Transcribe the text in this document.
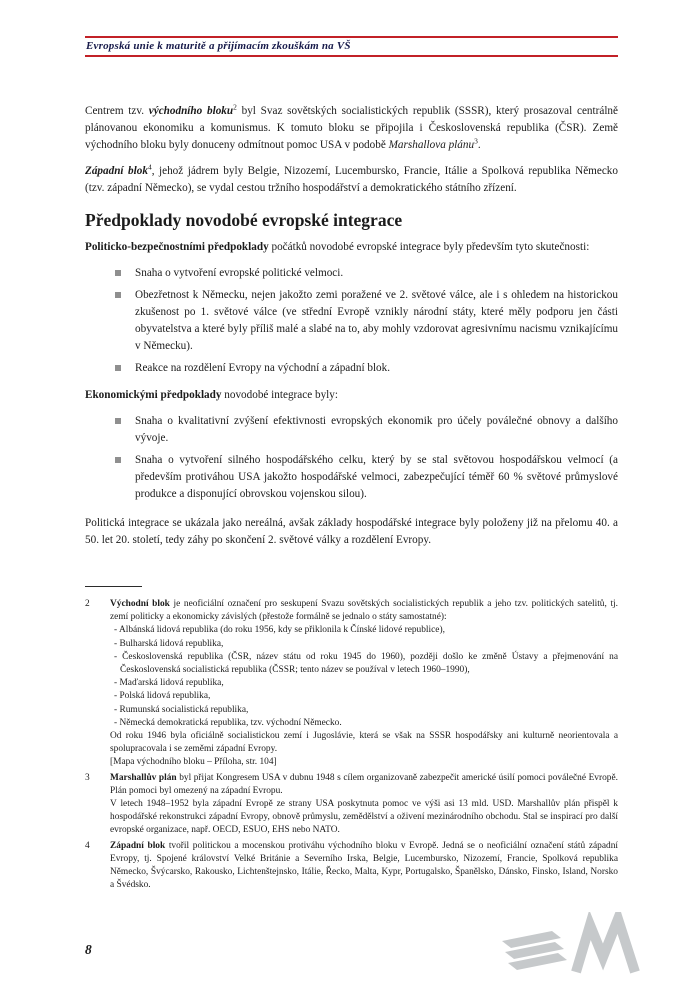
Evropská unie k maturitě a přijímacím zkouškám na VŠ

Centrem tzv. východního bloku$^2$ byl Svaz sovětských socialistických republik (SSSR), který prosazoval centrálně plánovanou ekonomiku a komunismus. K tomuto bloku se připojila i Československá republika (ČSR). Země východního bloku byly donuceny odmítnout pomoc USA v podobě Marshallova plánu$^3$.

Západní blok$^4$, jehož jádrem byly Belgie, Nizozemí, Lucembursko, Francie, Itálie a Spolková republika Německo (tzv. západní Německo), se vydal cestou tržního hospodářství a demokratického státního zřízení.

Předpoklady novodobé evropské integrace

Politicko-bezpečnostními předpoklady počátků novodobé evropské integrace byly především tyto skutečnosti:

Snaha o vytvoření evropské politické velmoci.
Obezřetnost k Německu, nejen jakožto zemi poražené ve 2. světové válce, ale i s ohledem na historickou zkušenost po 1. světové válce (ve střední Evropě vznikly národní státy, které měly podporu jen části obyvatelstva a které byly příliš malé a slabé na to, aby mohly vzdorovat agresivnímu nacismu vznikajícímu v Německu).
Reakce na rozdělení Evropy na východní a západní blok.

Ekonomickými předpoklady novodobé integrace byly:

Snaha o kvalitativní zvýšení efektivnosti evropských ekonomik pro účely poválečné obnovy a dalšího vývoje.
Snaha o vytvoření silného hospodářského celku, který by se stal světovou hospodářskou velmocí (a především protiváhou USA jakožto hospodářské velmoci, zabezpečující téměř 60 % světové průmyslové produkce a disponující obrovskou vojenskou silou).

Politická integrace se ukázala jako nereálná, avšak základy hospodářské integrace byly položeny již na přelomu 40. a 50. let 20. století, tedy záhy po skončení 2. světové války a rozdělení Evropy.

2	Východní blok je neoficiální označení pro seskupení Svazu sovětských socialistických republik a jeho tzv. politických satelitů, tj. zemí politicky a ekonomicky závislých (přestože formálně se jednalo o státy samostatné):
- Albánská lidová republika (do roku 1956, kdy se přiklonila k Čínské lidové republice),
- Bulharská lidová republika,
- Československá republika (ČSR, název státu od roku 1945 do 1960), později došlo ke změně Ústavy a přejmenování na Československá socialistická republika (ČSSR; tento název se používal v letech 1960–1990),
- Maďarská lidová republika,
- Polská lidová republika,
- Rumunská socialistická republika,
- Německá demokratická republika, tzv. východní Německo.
Od roku 1946 byla oficiálně socialistickou zemí i Jugoslávie, která se však na SSSR hospodářsky ani kulturně neorientovala a spolupracovala i se zeměmi západní Evropy.
[Mapa východního bloku – Příloha, str. 104]
3	Marshallův plán byl přijat Kongresem USA v dubnu 1948 s cílem organizovaně zabezpečit americké úsilí pomoci poválečné Evropě. Plán pomoci byl omezený na západní Evropu.
V letech 1948–1952 byla západní Evropě ze strany USA poskytnuta pomoc ve výši asi 13 mld. USD. Marshallův plán přispěl k hospodářské rekonstrukci západní Evropy, obnově průmyslu, zemědělství a oživení mezinárodního obchodu. Stal se inspirací pro další evropské organizace, např. OECD, ESUO, EHS nebo NATO.
4	Západní blok tvořil politickou a mocenskou protiváhu východního bloku v Evropě. Jedná se o neoficiální označení států západní Evropy, tj. Spojené království Velké Británie a Severního Irska, Belgie, Lucembursko, Nizozemí, Francie, Spolková republika Německo, Švýcarsko, Rakousko, Lichtenštejnsko, Itálie, Řecko, Malta, Kypr, Portugalsko, Španělsko, Dánsko, Finsko, Island, Norsko a Švédsko.
8
